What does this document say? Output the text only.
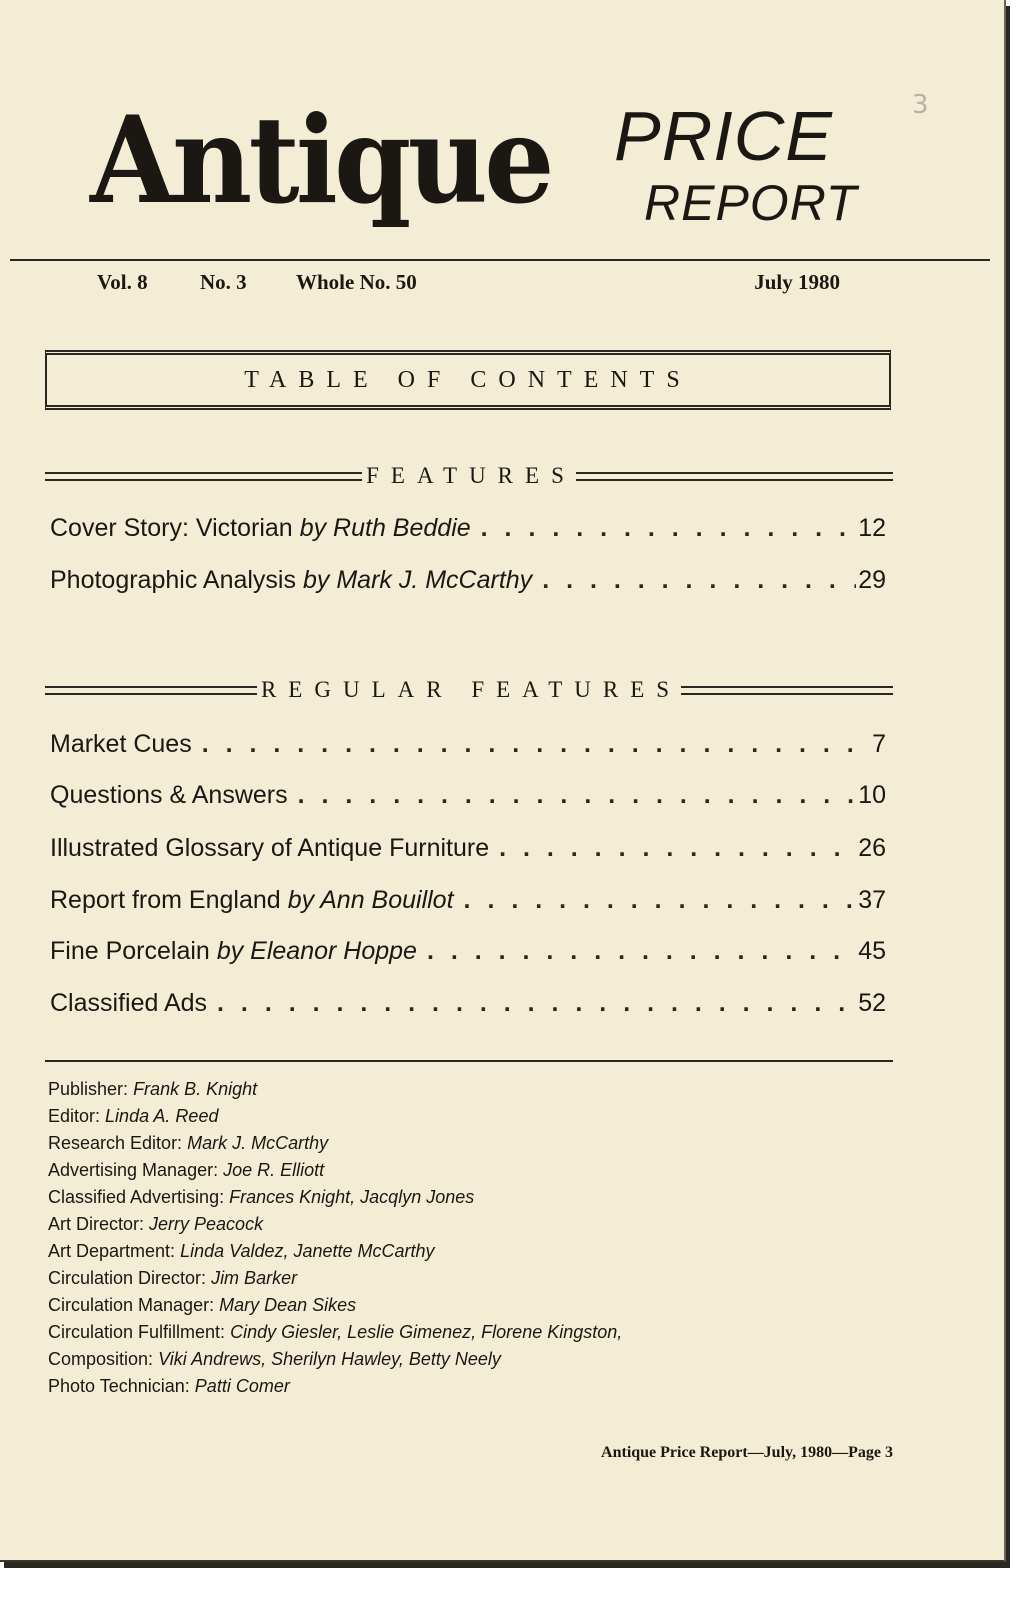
Antique PRICE
REPORT
3
Vol. 8 No. 3 Whole No. 50	July 1980
TABLE OF CONTENTS
FEATURES
Cover Story: Victorian by Ruth Beddie . . .	12
Photographic Analysis by Mark J. McCarthy . . .	29
REGULAR FEATURES
Market Cues . . .	7
Questions & Answers . . .	10
Illustrated Glossary of Antique Furniture . . .	26
Report from England by Ann Bouillot . . .	37
Fine Porcelain by Eleanor Hoppe . . .	45
Classified Ads . . .	52
Publisher: Frank B. Knight
Editor: Linda A. Reed
Research Editor: Mark J. McCarthy
Advertising Manager: Joe R. Elliott
Classified Advertising: Frances Knight, Jacqlyn Jones
Art Director: Jerry Peacock
Art Department: Linda Valdez, Janette McCarthy
Circulation Director: Jim Barker
Circulation Manager: Mary Dean Sikes
Circulation Fulfillment: Cindy Giesler, Leslie Gimenez, Florene Kingston,
Composition: Viki Andrews, Sherilyn Hawley, Betty Neely
Photo Technician: Patti Comer
Antique Price Report—July, 1980—Page 3
